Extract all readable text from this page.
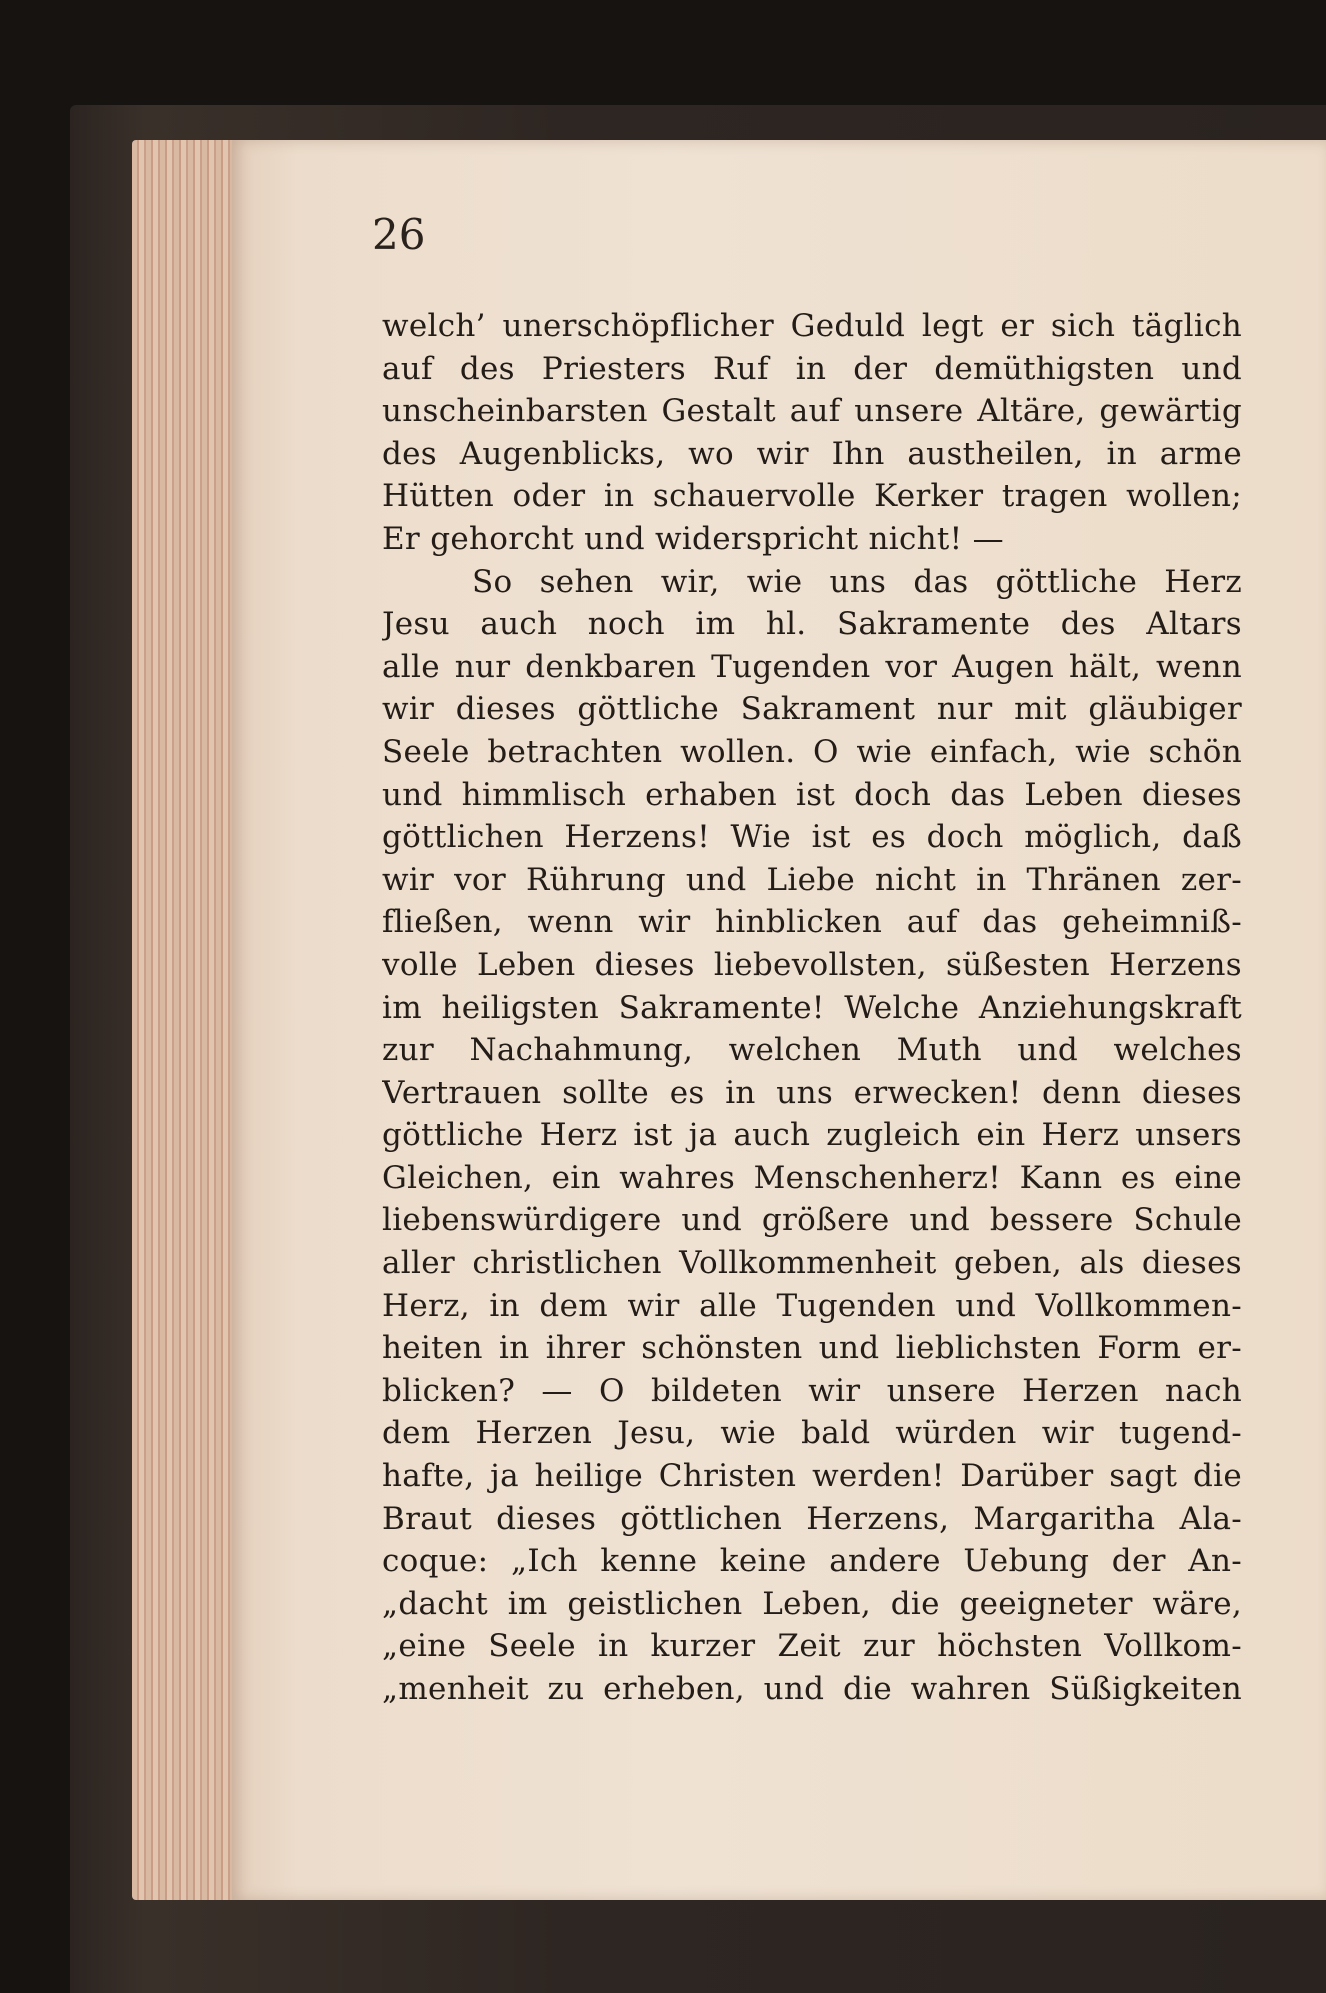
26

welch’ unerschöpflicher Geduld legt er sich täglich
auf des Priesters Ruf in der demüthigsten und
unscheinbarsten Gestalt auf unsere Altäre, gewärtig
des Augenblicks, wo wir Ihn austheilen, in arme
Hütten oder in schauervolle Kerker tragen wollen;
Er gehorcht und widerspricht nicht! —
So sehen wir, wie uns das göttliche Herz
Jesu auch noch im hl. Sakramente des Altars
alle nur denkbaren Tugenden vor Augen hält, wenn
wir dieses göttliche Sakrament nur mit gläubiger
Seele betrachten wollen. O wie einfach, wie schön
und himmlisch erhaben ist doch das Leben dieses
göttlichen Herzens! Wie ist es doch möglich, daß
wir vor Rührung und Liebe nicht in Thränen zer-
fließen, wenn wir hinblicken auf das geheimniß-
volle Leben dieses liebevollsten, süßesten Herzens
im heiligsten Sakramente! Welche Anziehungskraft
zur Nachahmung, welchen Muth und welches
Vertrauen sollte es in uns erwecken! denn dieses
göttliche Herz ist ja auch zugleich ein Herz unsers
Gleichen, ein wahres Menschenherz! Kann es eine
liebenswürdigere und größere und bessere Schule
aller christlichen Vollkommenheit geben, als dieses
Herz, in dem wir alle Tugenden und Vollkommen-
heiten in ihrer schönsten und lieblichsten Form er-
blicken? — O bildeten wir unsere Herzen nach
dem Herzen Jesu, wie bald würden wir tugend-
hafte, ja heilige Christen werden! Darüber sagt die
Braut dieses göttlichen Herzens, Margaritha Ala-
coque: „Ich kenne keine andere Uebung der An-
„dacht im geistlichen Leben, die geeigneter wäre,
„eine Seele in kurzer Zeit zur höchsten Vollkom-
„menheit zu erheben, und die wahren Süßigkeiten
